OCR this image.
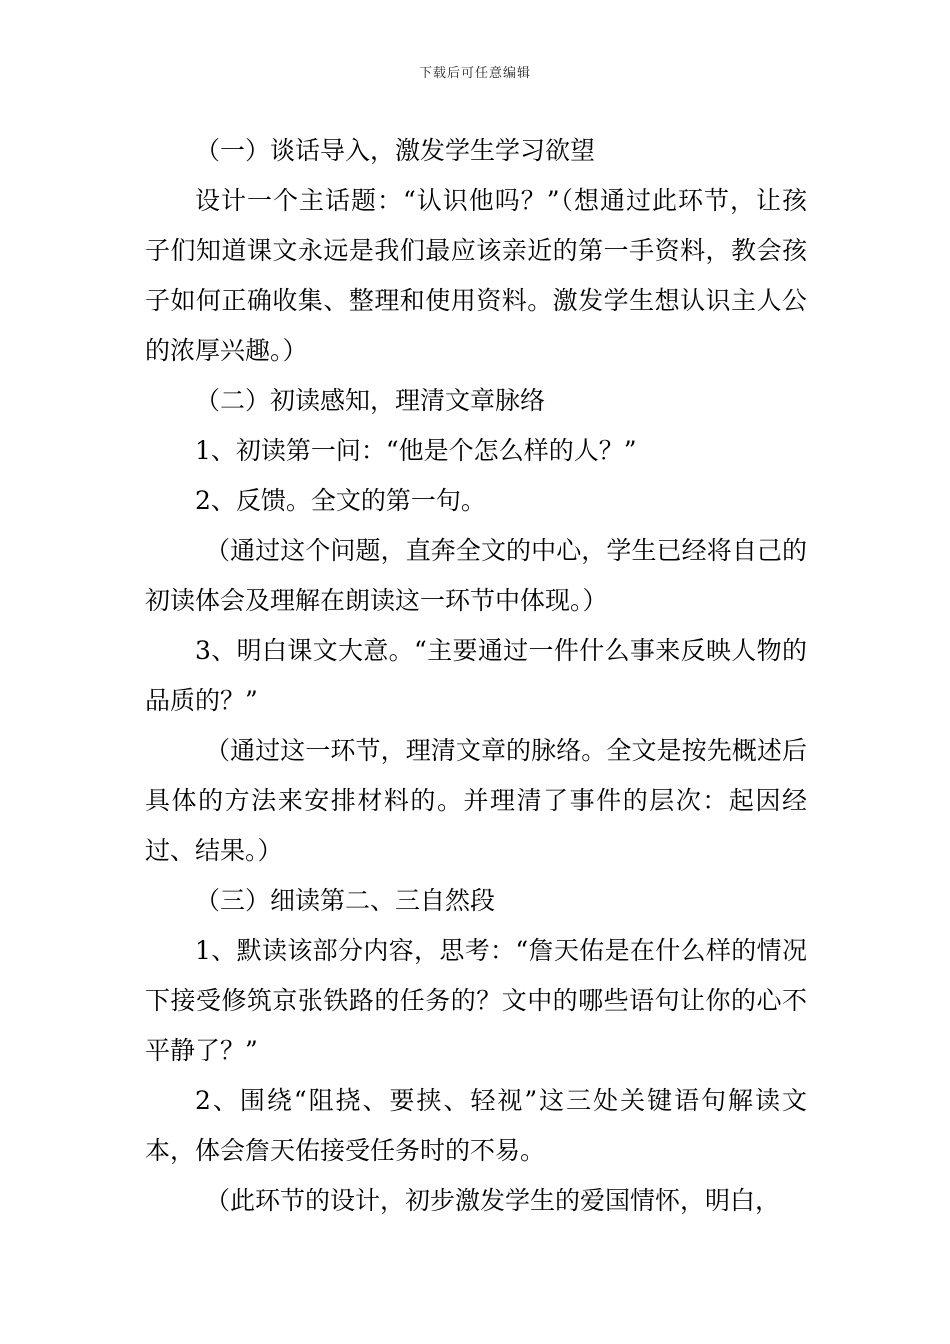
下载后可任意编辑

（一）谈话导入，激发学生学习欲望

设计一个主话题：“认识他吗？”（想通过此环节，让孩子们知道课文永远是我们最应该亲近的第一手资料，教会孩子如何正确收集、整理和使用资料。激发学生想认识主人公的浓厚兴趣。）

（二）初读感知，理清文章脉络

1、初读第一问：“他是个怎么样的人？”

2、反馈。全文的第一句。

（通过这个问题，直奔全文的中心，学生已经将自己的初读体会及理解在朗读这一环节中体现。）

3、明白课文大意。“主要通过一件什么事来反映人物的品质的？”

（通过这一环节，理清文章的脉络。全文是按先概述后具体的方法来安排材料的。并理清了事件的层次：起因经过、结果。）

（三）细读第二、三自然段

1、默读该部分内容，思考：“詹天佑是在什么样的情况下接受修筑京张铁路的任务的？文中的哪些语句让你的心不平静了？”

2、围绕“阻挠、要挟、轻视”这三处关键语句解读文本，体会詹天佑接受任务时的不易。

（此环节的设计，初步激发学生的爱国情怀，明白，
